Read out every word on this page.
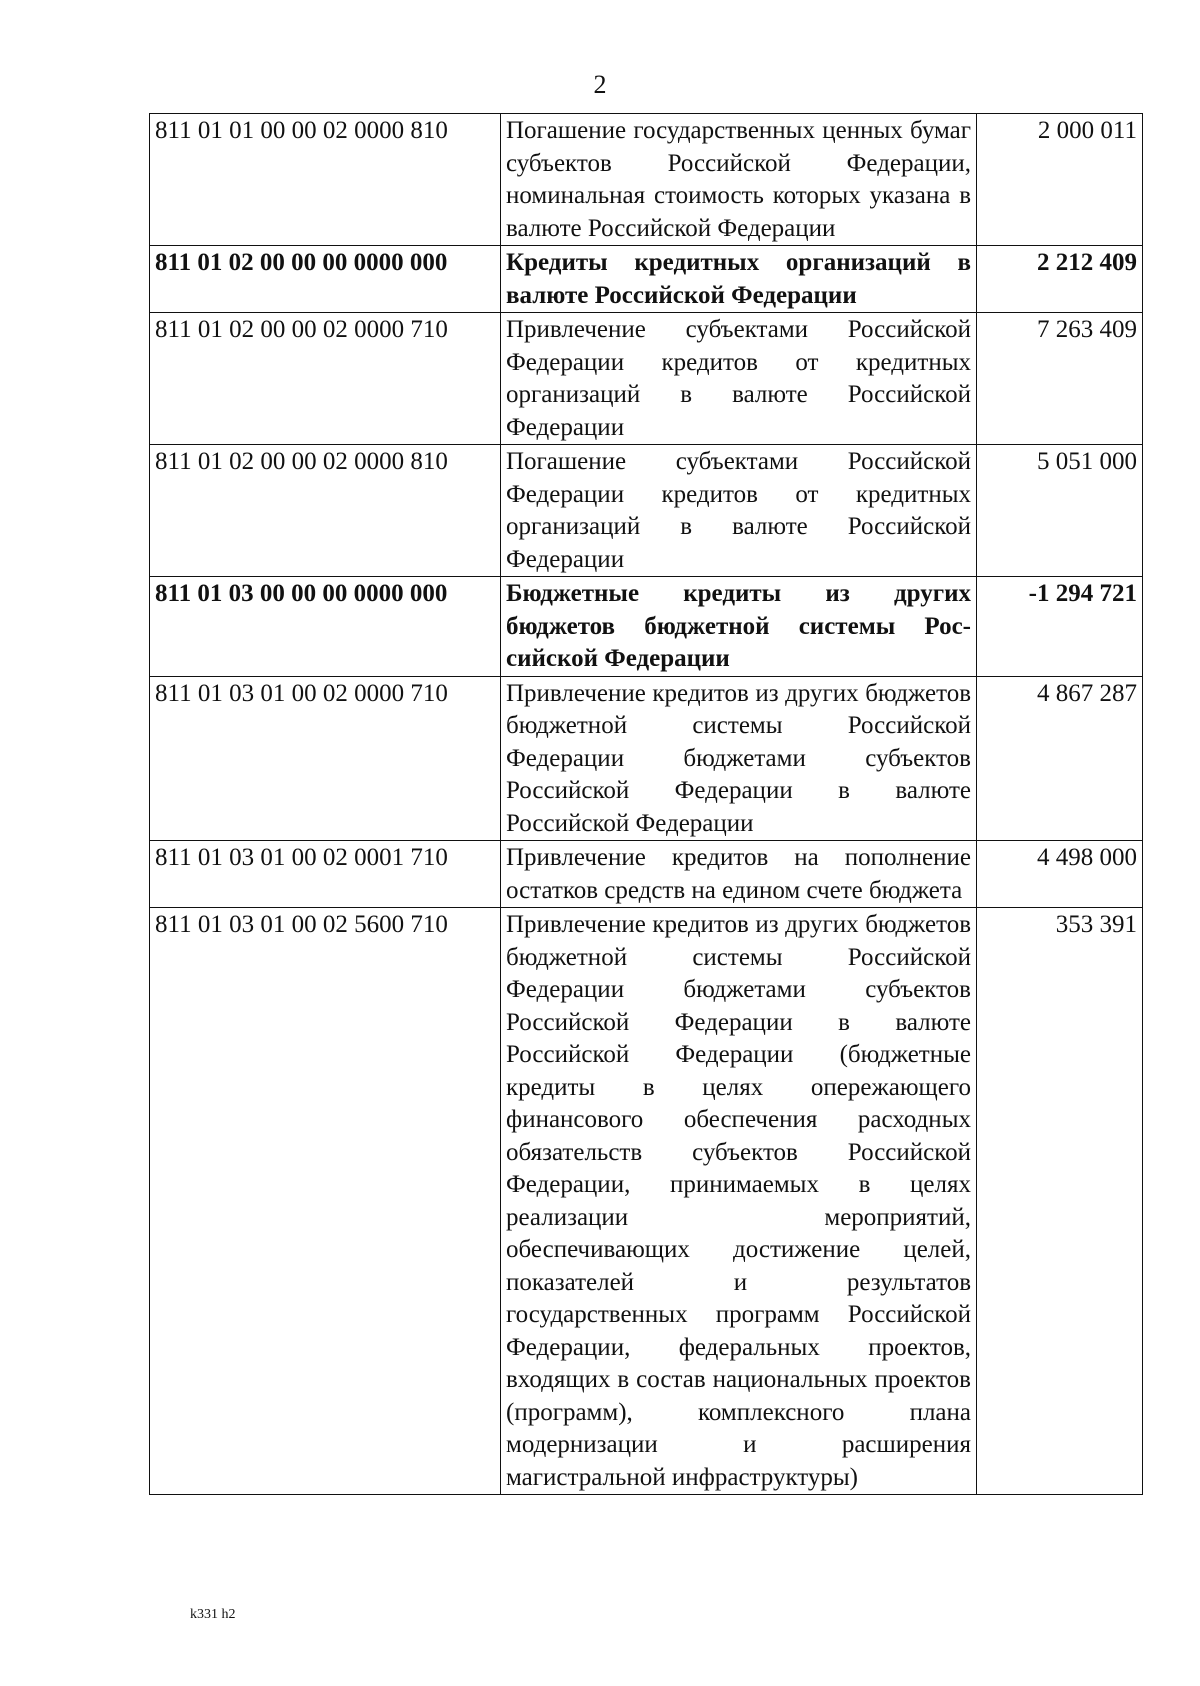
2
811 01 01 00 00 02 0000 810	Погашение государственных ценных бумаг субъектов Российской Федерации, номинальная стоимость которых указана в валюте Российской Федерации	2 000 011
811 01 02 00 00 00 0000 000	Кредиты кредитных организаций в валюте Российской Федерации	2 212 409
811 01 02 00 00 02 0000 710	Привлечение субъектами Российской Федерации кредитов от кредитных организаций в валюте Российской Федерации	7 263 409
811 01 02 00 00 02 0000 810	Погашение субъектами Российской Федерации кредитов от кредитных организаций в валюте Российской Федерации	5 051 000
811 01 03 00 00 00 0000 000	Бюджетные кредиты из других бюджетов бюджетной системы Российской Федерации	-1 294 721
811 01 03 01 00 02 0000 710	Привлечение кредитов из других бюджетов бюджетной системы Российской Федерации бюджетами субъектов Российской Федерации в валюте Российской Федерации	4 867 287
811 01 03 01 00 02 0001 710	Привлечение кредитов на пополнение остатков средств на едином счете бюджета	4 498 000
811 01 03 01 00 02 5600 710	Привлечение кредитов из других бюджетов бюджетной системы Российской Федерации бюджетами субъектов Российской Федерации в валюте Российской Федерации (бюджетные кредиты в целях опережающего финансового обеспечения расходных обязательств субъектов Российской Федерации, принимаемых в целях реализации мероприятий, обеспечивающих достижение целей, показателей и результатов государственных программ Российской Федерации, федеральных проектов, входящих в состав национальных проектов (программ), комплексного плана модернизации и расширения магистральной инфраструктуры)	353 391
k331 h2
